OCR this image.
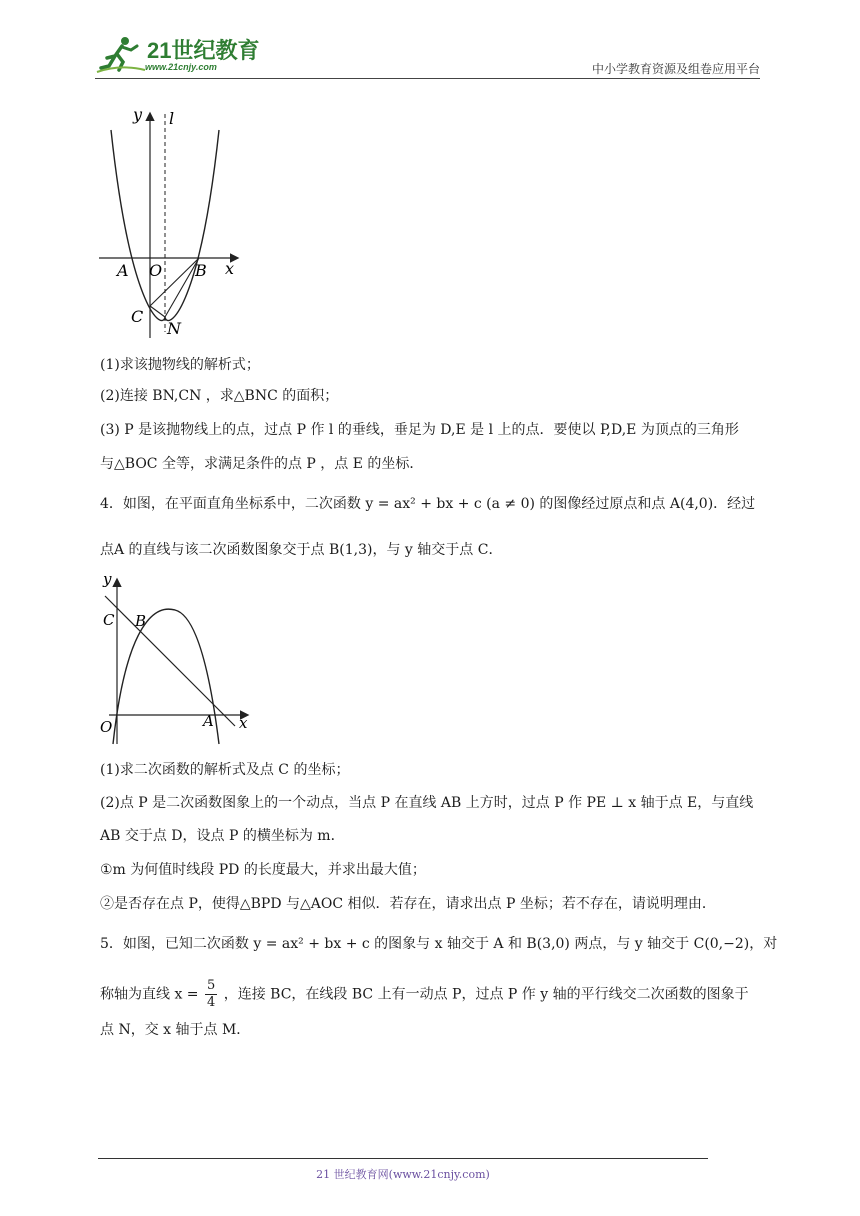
21世纪教育
www.21cnjy.com	中小学教育资源及组卷应用平台
y l
x
A O B
C
N
(1)求该抛物线的解析式；
(2)连接 BN,CN ，求△BNC 的面积；
(3) P 是该抛物线上的点，过点 P 作 l 的垂线，垂足为 D,E 是 l 上的点．要使以 P,D,E 为顶点的三角形
与△BOC 全等，求满足条件的点 P ，点 E 的坐标．
4．如图，在平面直角坐标系中，二次函数 y = ax² + bx + c (a ≠ 0) 的图像经过原点和点 A(4,0)．经过
点A 的直线与该二次函数图象交于点 B(1,3)，与 y 轴交于点 C．
y
x
C B
O	A
(1)求二次函数的解析式及点 C 的坐标；
(2)点 P 是二次函数图象上的一个动点，当点 P 在直线 AB 上方时，过点 P 作 PE ⊥ x 轴于点 E，与直线
AB 交于点 D，设点 P 的横坐标为 m．
①m 为何值时线段 PD 的长度最大，并求出最大值；
②是否存在点 P，使得△BPD 与△AOC 相似．若存在，请求出点 P 坐标；若不存在，请说明理由．
5．如图，已知二次函数 y = ax² + bx + c 的图象与 x 轴交于 A 和 B(3,0) 两点，与 y 轴交于 C(0,−2)，对
称轴为直线 $x = \frac{5}{4}$ ，连接 BC，在线段 BC 上有一动点 P，过点 P 作 y 轴的平行线交二次函数的图象于
点 N，交 x 轴于点 M．
21 世纪教育网(www.21cnjy.com)
